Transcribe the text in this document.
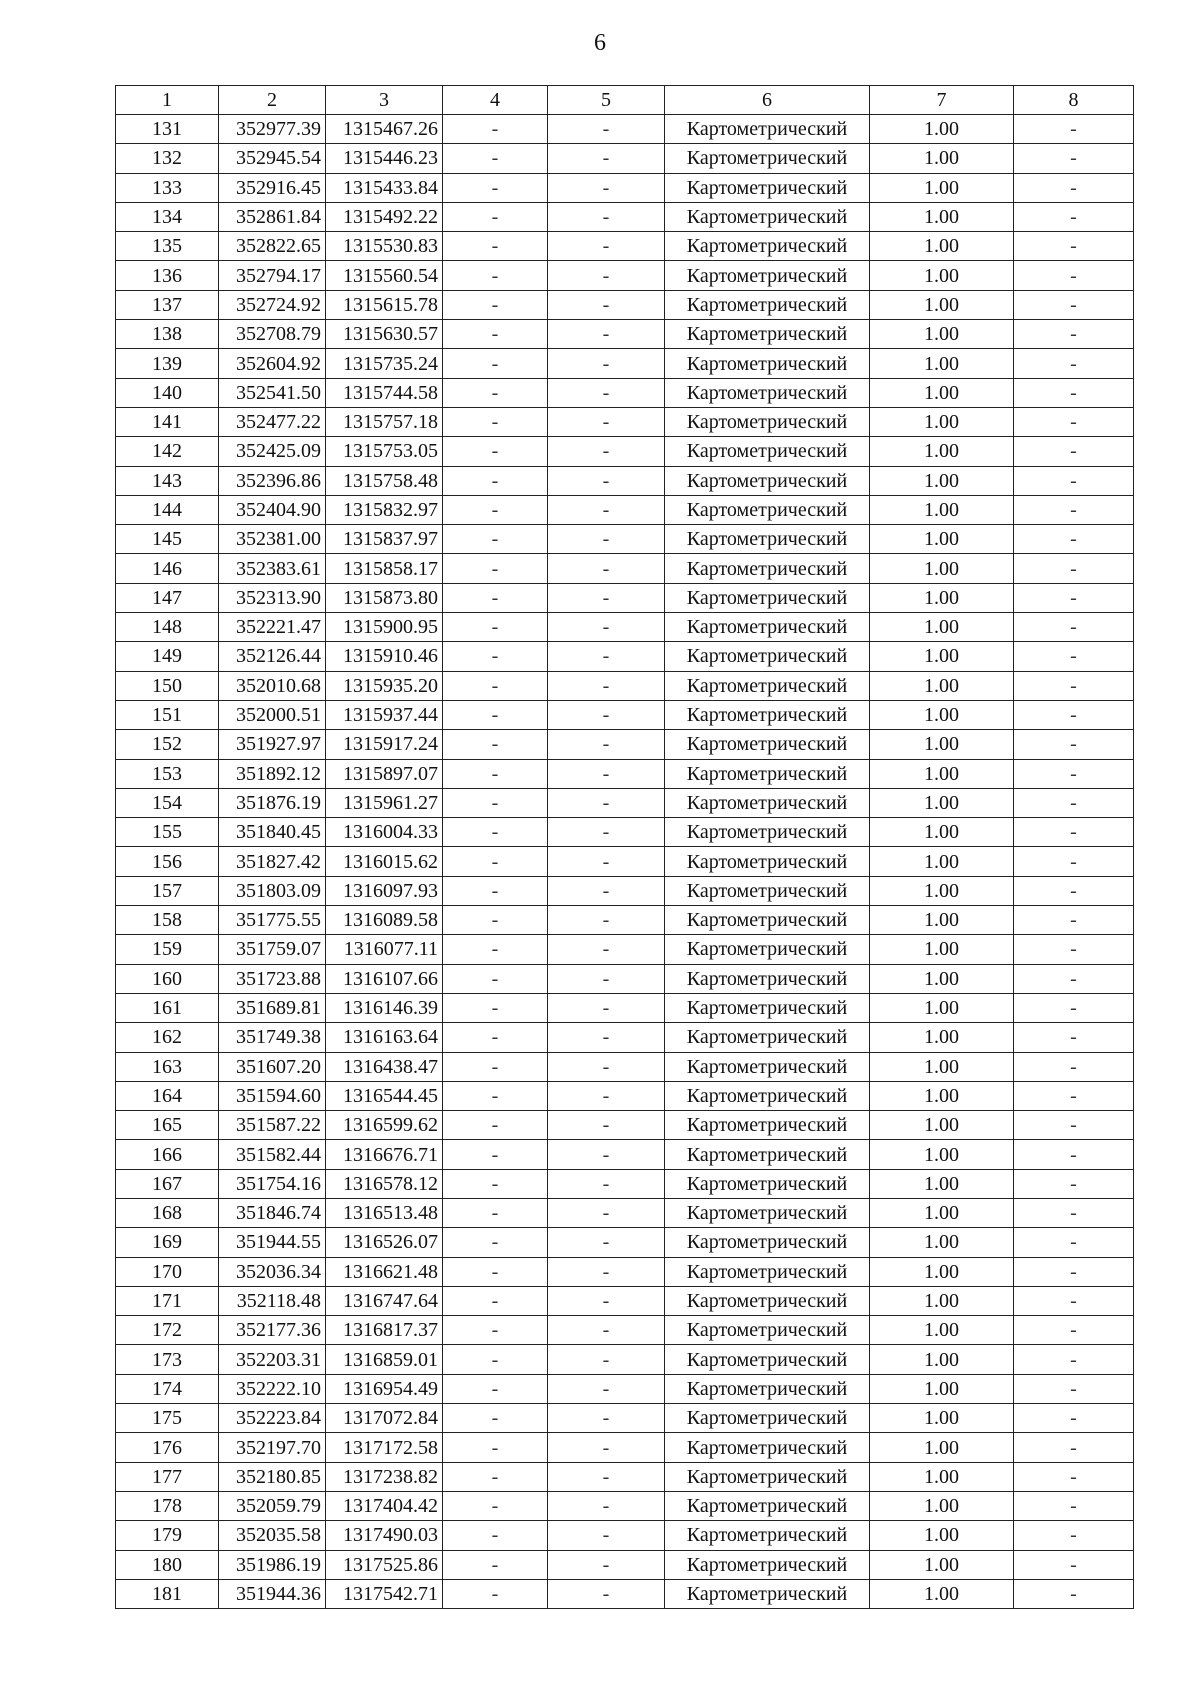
6
1	2	3	4	5	6	7	8
131	352977.39	1315467.26	-	-	Картометрический	1.00	-
132	352945.54	1315446.23	-	-	Картометрический	1.00	-
133	352916.45	1315433.84	-	-	Картометрический	1.00	-
134	352861.84	1315492.22	-	-	Картометрический	1.00	-
135	352822.65	1315530.83	-	-	Картометрический	1.00	-
136	352794.17	1315560.54	-	-	Картометрический	1.00	-
137	352724.92	1315615.78	-	-	Картометрический	1.00	-
138	352708.79	1315630.57	-	-	Картометрический	1.00	-
139	352604.92	1315735.24	-	-	Картометрический	1.00	-
140	352541.50	1315744.58	-	-	Картометрический	1.00	-
141	352477.22	1315757.18	-	-	Картометрический	1.00	-
142	352425.09	1315753.05	-	-	Картометрический	1.00	-
143	352396.86	1315758.48	-	-	Картометрический	1.00	-
144	352404.90	1315832.97	-	-	Картометрический	1.00	-
145	352381.00	1315837.97	-	-	Картометрический	1.00	-
146	352383.61	1315858.17	-	-	Картометрический	1.00	-
147	352313.90	1315873.80	-	-	Картометрический	1.00	-
148	352221.47	1315900.95	-	-	Картометрический	1.00	-
149	352126.44	1315910.46	-	-	Картометрический	1.00	-
150	352010.68	1315935.20	-	-	Картометрический	1.00	-
151	352000.51	1315937.44	-	-	Картометрический	1.00	-
152	351927.97	1315917.24	-	-	Картометрический	1.00	-
153	351892.12	1315897.07	-	-	Картометрический	1.00	-
154	351876.19	1315961.27	-	-	Картометрический	1.00	-
155	351840.45	1316004.33	-	-	Картометрический	1.00	-
156	351827.42	1316015.62	-	-	Картометрический	1.00	-
157	351803.09	1316097.93	-	-	Картометрический	1.00	-
158	351775.55	1316089.58	-	-	Картометрический	1.00	-
159	351759.07	1316077.11	-	-	Картометрический	1.00	-
160	351723.88	1316107.66	-	-	Картометрический	1.00	-
161	351689.81	1316146.39	-	-	Картометрический	1.00	-
162	351749.38	1316163.64	-	-	Картометрический	1.00	-
163	351607.20	1316438.47	-	-	Картометрический	1.00	-
164	351594.60	1316544.45	-	-	Картометрический	1.00	-
165	351587.22	1316599.62	-	-	Картометрический	1.00	-
166	351582.44	1316676.71	-	-	Картометрический	1.00	-
167	351754.16	1316578.12	-	-	Картометрический	1.00	-
168	351846.74	1316513.48	-	-	Картометрический	1.00	-
169	351944.55	1316526.07	-	-	Картометрический	1.00	-
170	352036.34	1316621.48	-	-	Картометрический	1.00	-
171	352118.48	1316747.64	-	-	Картометрический	1.00	-
172	352177.36	1316817.37	-	-	Картометрический	1.00	-
173	352203.31	1316859.01	-	-	Картометрический	1.00	-
174	352222.10	1316954.49	-	-	Картометрический	1.00	-
175	352223.84	1317072.84	-	-	Картометрический	1.00	-
176	352197.70	1317172.58	-	-	Картометрический	1.00	-
177	352180.85	1317238.82	-	-	Картометрический	1.00	-
178	352059.79	1317404.42	-	-	Картометрический	1.00	-
179	352035.58	1317490.03	-	-	Картометрический	1.00	-
180	351986.19	1317525.86	-	-	Картометрический	1.00	-
181	351944.36	1317542.71	-	-	Картометрический	1.00	-
